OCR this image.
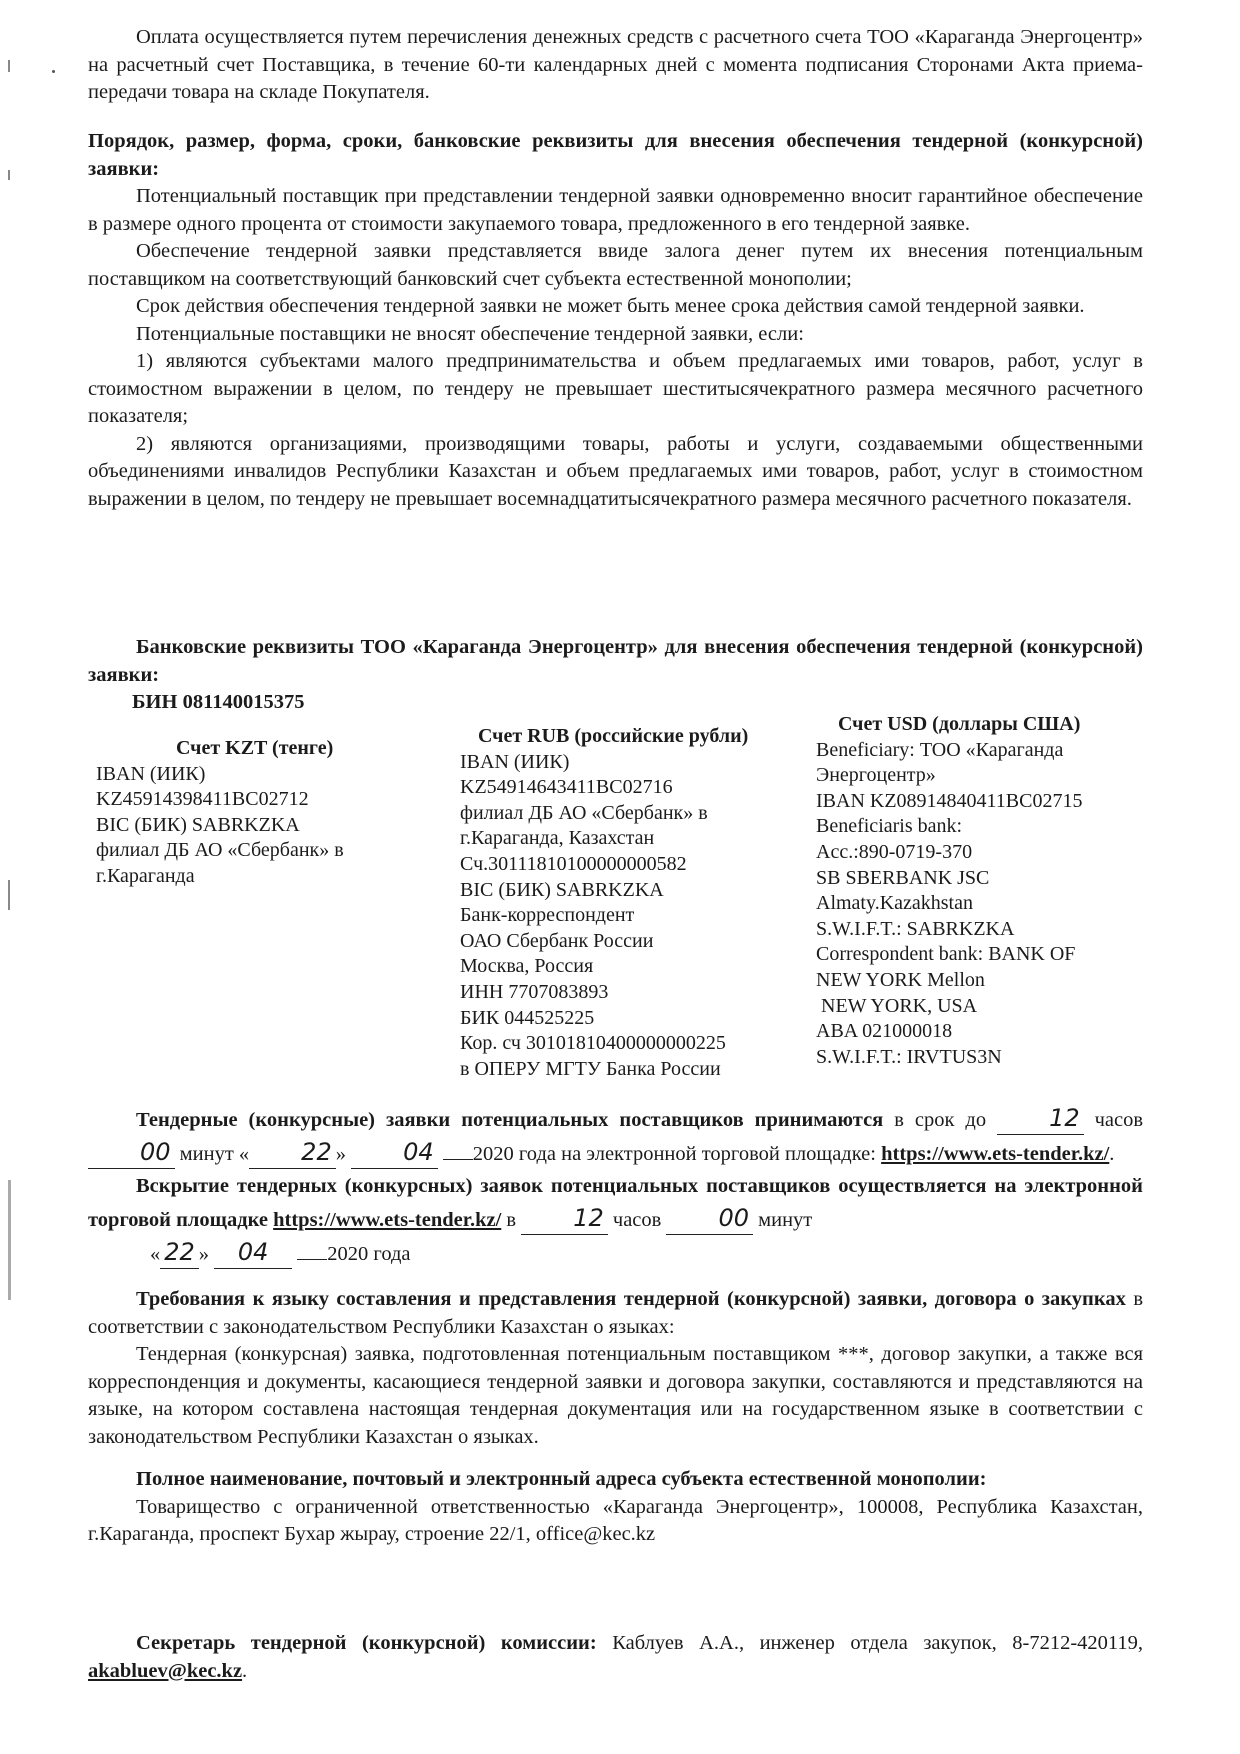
Оплата осуществляется путем перечисления денежных средств с расчетного счета ТОО «Караганда Энергоцентр» на расчетный счет Поставщика, в течение 60-ти календарных дней с момента подписания Сторонами Акта приема-передачи товара на складе Покупателя.

Порядок, размер, форма, сроки, банковские реквизиты для внесения обеспечения тендерной (конкурсной) заявки:

Потенциальный поставщик при представлении тендерной заявки одновременно вносит гарантийное обеспечение в размере одного процента от стоимости закупаемого товара, предложенного в его тендерной заявке.

Обеспечение тендерной заявки представляется ввиде залога денег путем их внесения потенциальным поставщиком на соответствующий банковский счет субъекта естественной монополии;

Срок действия обеспечения тендерной заявки не может быть менее срока действия самой тендерной заявки.

Потенциальные поставщики не вносят обеспечение тендерной заявки, если:

1) являются субъектами малого предпринимательства и объем предлагаемых ими товаров, работ, услуг в стоимостном выражении в целом, по тендеру не превышает шеститысячекратного размера месячного расчетного показателя;

2) являются организациями, производящими товары, работы и услуги, создаваемыми общественными объединениями инвалидов Республики Казахстан и объем предлагаемых ими товаров, работ, услуг в стоимостном выражении в целом, по тендеру не превышает восемнадцатитысячекратного размера месячного расчетного показателя.

Банковские реквизиты ТОО «Караганда Энергоцентр» для внесения обеспечения тендерной (конкурсной) заявки:

БИН 081140015375

Счет KZT (тенге)
IBAN (ИИК)
KZ45914398411BC02712
BIC (БИК) SABRKZKA
филиал ДБ АО «Сбербанк» в
г.Караганда
Счет RUB (российские рубли)
IBAN (ИИК)
KZ54914643411BC02716
филиал ДБ АО «Сбербанк» в
г.Караганда, Казахстан
Сч.30111810100000000582
BIC (БИК) SABRKZKA
Банк-корреспондент
ОАО Сбербанк России
Москва, Россия
ИНН 7707083893
БИК 044525225
Кор. сч 30101810400000000225
в ОПЕРУ МГТУ Банка России
Счет USD (доллары США)
Beneficiary: ТОО «Караганда
Энергоцентр»
IBAN KZ08914840411BC02715
Beneficiaris bank:
Acc.:890-0719-370
SB SBERBANK JSC
Almaty.Kazakhstan
S.W.I.F.T.: SABRKZKA
Correspondent bank: BANK OF
NEW YORK Mellon
NEW YORK, USA
ABA 021000018
S.W.I.F.T.: IRVTUS3N

Тендерные (конкурсные) заявки потенциальных поставщиков принимаются в срок до	12 часов 00 минут « 22 » 04 2020 года на электронной торговой площадке: https://www.ets-tender.kz/.

Вскрытие тендерных (конкурсных) заявок потенциальных поставщиков осуществляется на электронной торговой площадке https://www.ets-tender.kz/ в 12 часов 00 минут

« 22 » 04	2020 года

Требования к языку составления и представления тендерной (конкурсной) заявки, договора о закупках в соответствии с законодательством Республики Казахстан о языках:

Тендерная (конкурсная) заявка, подготовленная потенциальным поставщиком ***, договор закупки, а также вся корреспонденция и документы, касающиеся тендерной заявки и договора закупки, составляются и представляются на языке, на котором составлена настоящая тендерная документация или на государственном языке в соответствии с законодательством Республики Казахстан о языках.

Полное наименование, почтовый и электронный адреса субъекта естественной монополии:

Товарищество с ограниченной ответственностью «Караганда Энергоцентр», 100008, Республика Казахстан, г.Караганда, проспект Бухар жырау, строение 22/1, office@kec.kz

Секретарь тендерной (конкурсной) комиссии: Каблуев А.А., инженер отдела закупок, 8-7212-420119, akabluev@kec.kz.
